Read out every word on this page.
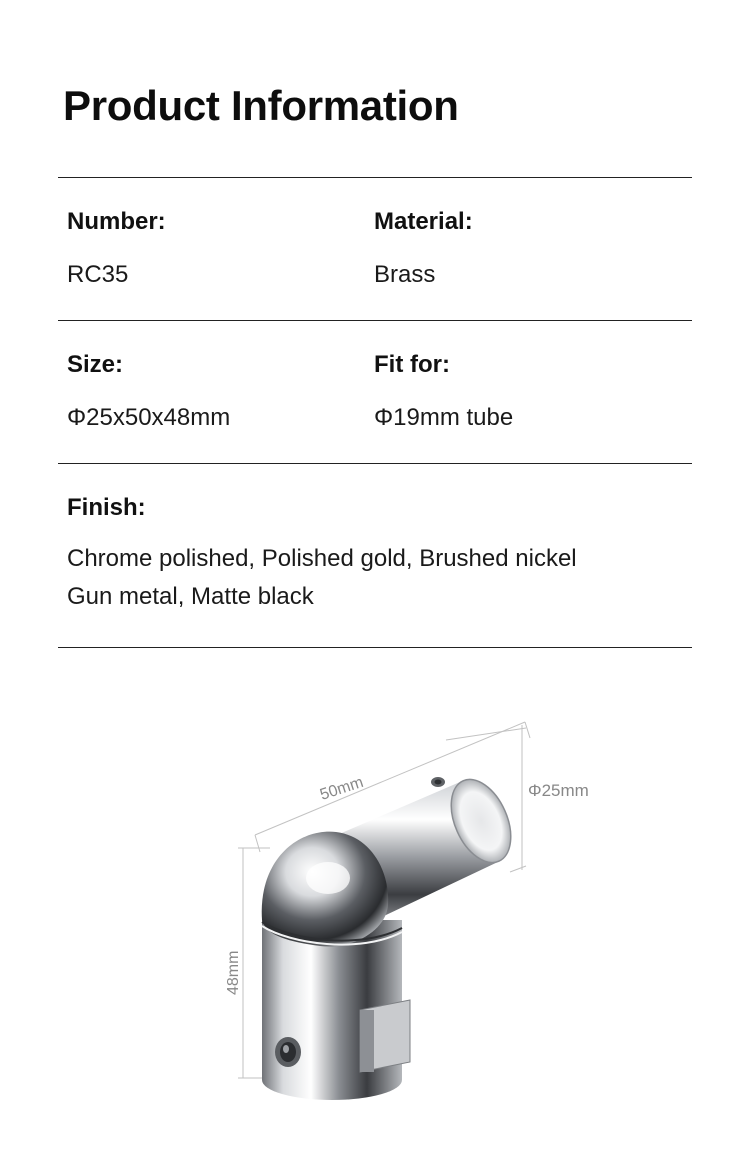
Product Information
Number:
RC35
Material:
Brass
Size:
Φ25x50x48mm
Fit for:
Φ19mm tube
Finish:
Chrome polished, Polished gold, Brushed nickel
Gun metal, Matte black
50mm	Φ25mm
48mm
